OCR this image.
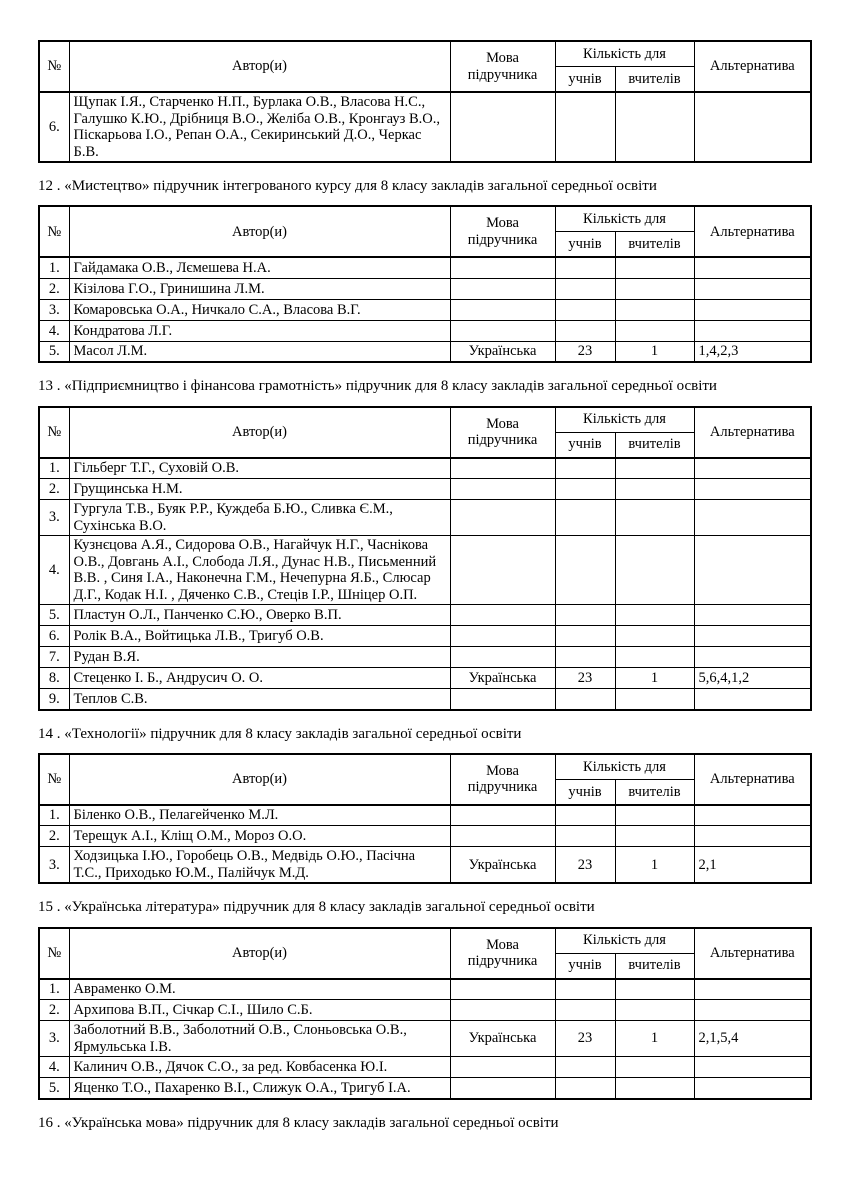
№	Автор(и)	Мова підручника	Кількість для		Альтернатива
			учнів	вчителів	
6.	Щупак І.Я., Старченко Н.П., Бурлака О.В., Власова Н.С., Галушко К.Ю., Дрібниця В.О., Желіба О.В., Кронгауз В.О., Піскарьова І.О., Репан О.А., Секиринський Д.О., Черкас Б.В.				

12 . «Мистецтво» підручник інтегрованого курсу для 8 класу закладів загальної середньої освіти

№	Автор(и)	Мова підручника	Кількість для		Альтернатива
			учнів	вчителів	
1.	Гайдамака О.В., Лємешева Н.А.				
2.	Кізілова Г.О., Гринишина Л.М.				
3.	Комаровська О.А., Ничкало С.А., Власова В.Г.				
4.	Кондратова Л.Г.				
5.	Масол Л.М.	Українська	23	1	1,4,2,3

13 . «Підприємництво і фінансова грамотність» підручник для 8 класу закладів загальної середньої освіти

№	Автор(и)	Мова підручника	Кількість для		Альтернатива
			учнів	вчителів	
1.	Гільберг Т.Г., Суховій О.В.				
2.	Грущинська Н.М.				
3.	Гургула Т.В., Буяк Р.Р., Куждеба Б.Ю., Сливка Є.М., Сухінська В.О.				
4.	Кузнєцова А.Я., Сидорова О.В., Нагайчук Н.Г., Часнікова О.В., Довгань А.І., Слобода Л.Я., Дунас Н.В., Письменний В.В. , Синя І.А., Наконечна Г.М., Нечепурна Я.Б., Слюсар Д.Г., Кодак Н.І. , Дяченко С.В., Стеців І.Р., Шніцер О.П.				
5.	Пластун О.Л., Панченко С.Ю., Оверко В.П.				
6.	Ролік В.А., Войтицька Л.В., Тригуб О.В.				
7.	Рудан В.Я.				
8.	Стеценко І. Б., Андрусич О. О.	Українська	23	1	5,6,4,1,2
9.	Теплов С.В.				

14 . «Технології» підручник для 8 класу закладів загальної середньої освіти

№	Автор(и)	Мова підручника	Кількість для		Альтернатива
			учнів	вчителів	
1.	Біленко О.В., Пелагейченко М.Л.				
2.	Терещук А.І., Кліщ О.М., Мороз О.О.				
3.	Ходзицька І.Ю., Горобець О.В., Медвідь О.Ю., Пасічна Т.С., Приходько Ю.М., Палійчук М.Д.	Українська	23	1	2,1

15 . «Українська література» підручник для 8 класу закладів загальної середньої освіти

№	Автор(и)	Мова підручника	Кількість для		Альтернатива
			учнів	вчителів	
1.	Авраменко О.М.				
2.	Архипова В.П., Січкар С.І., Шило С.Б.				
3.	Заболотний В.В., Заболотний О.В., Слоньовська О.В., Ярмульська І.В.	Українська	23	1	2,1,5,4
4.	Калинич О.В., Дячок С.О., за ред. Ковбасенка Ю.І.				
5.	Яценко Т.О., Пахаренко В.І., Слижук О.А., Тригуб І.А.				

16 . «Українська мова» підручник для 8 класу закладів загальної середньої освіти
